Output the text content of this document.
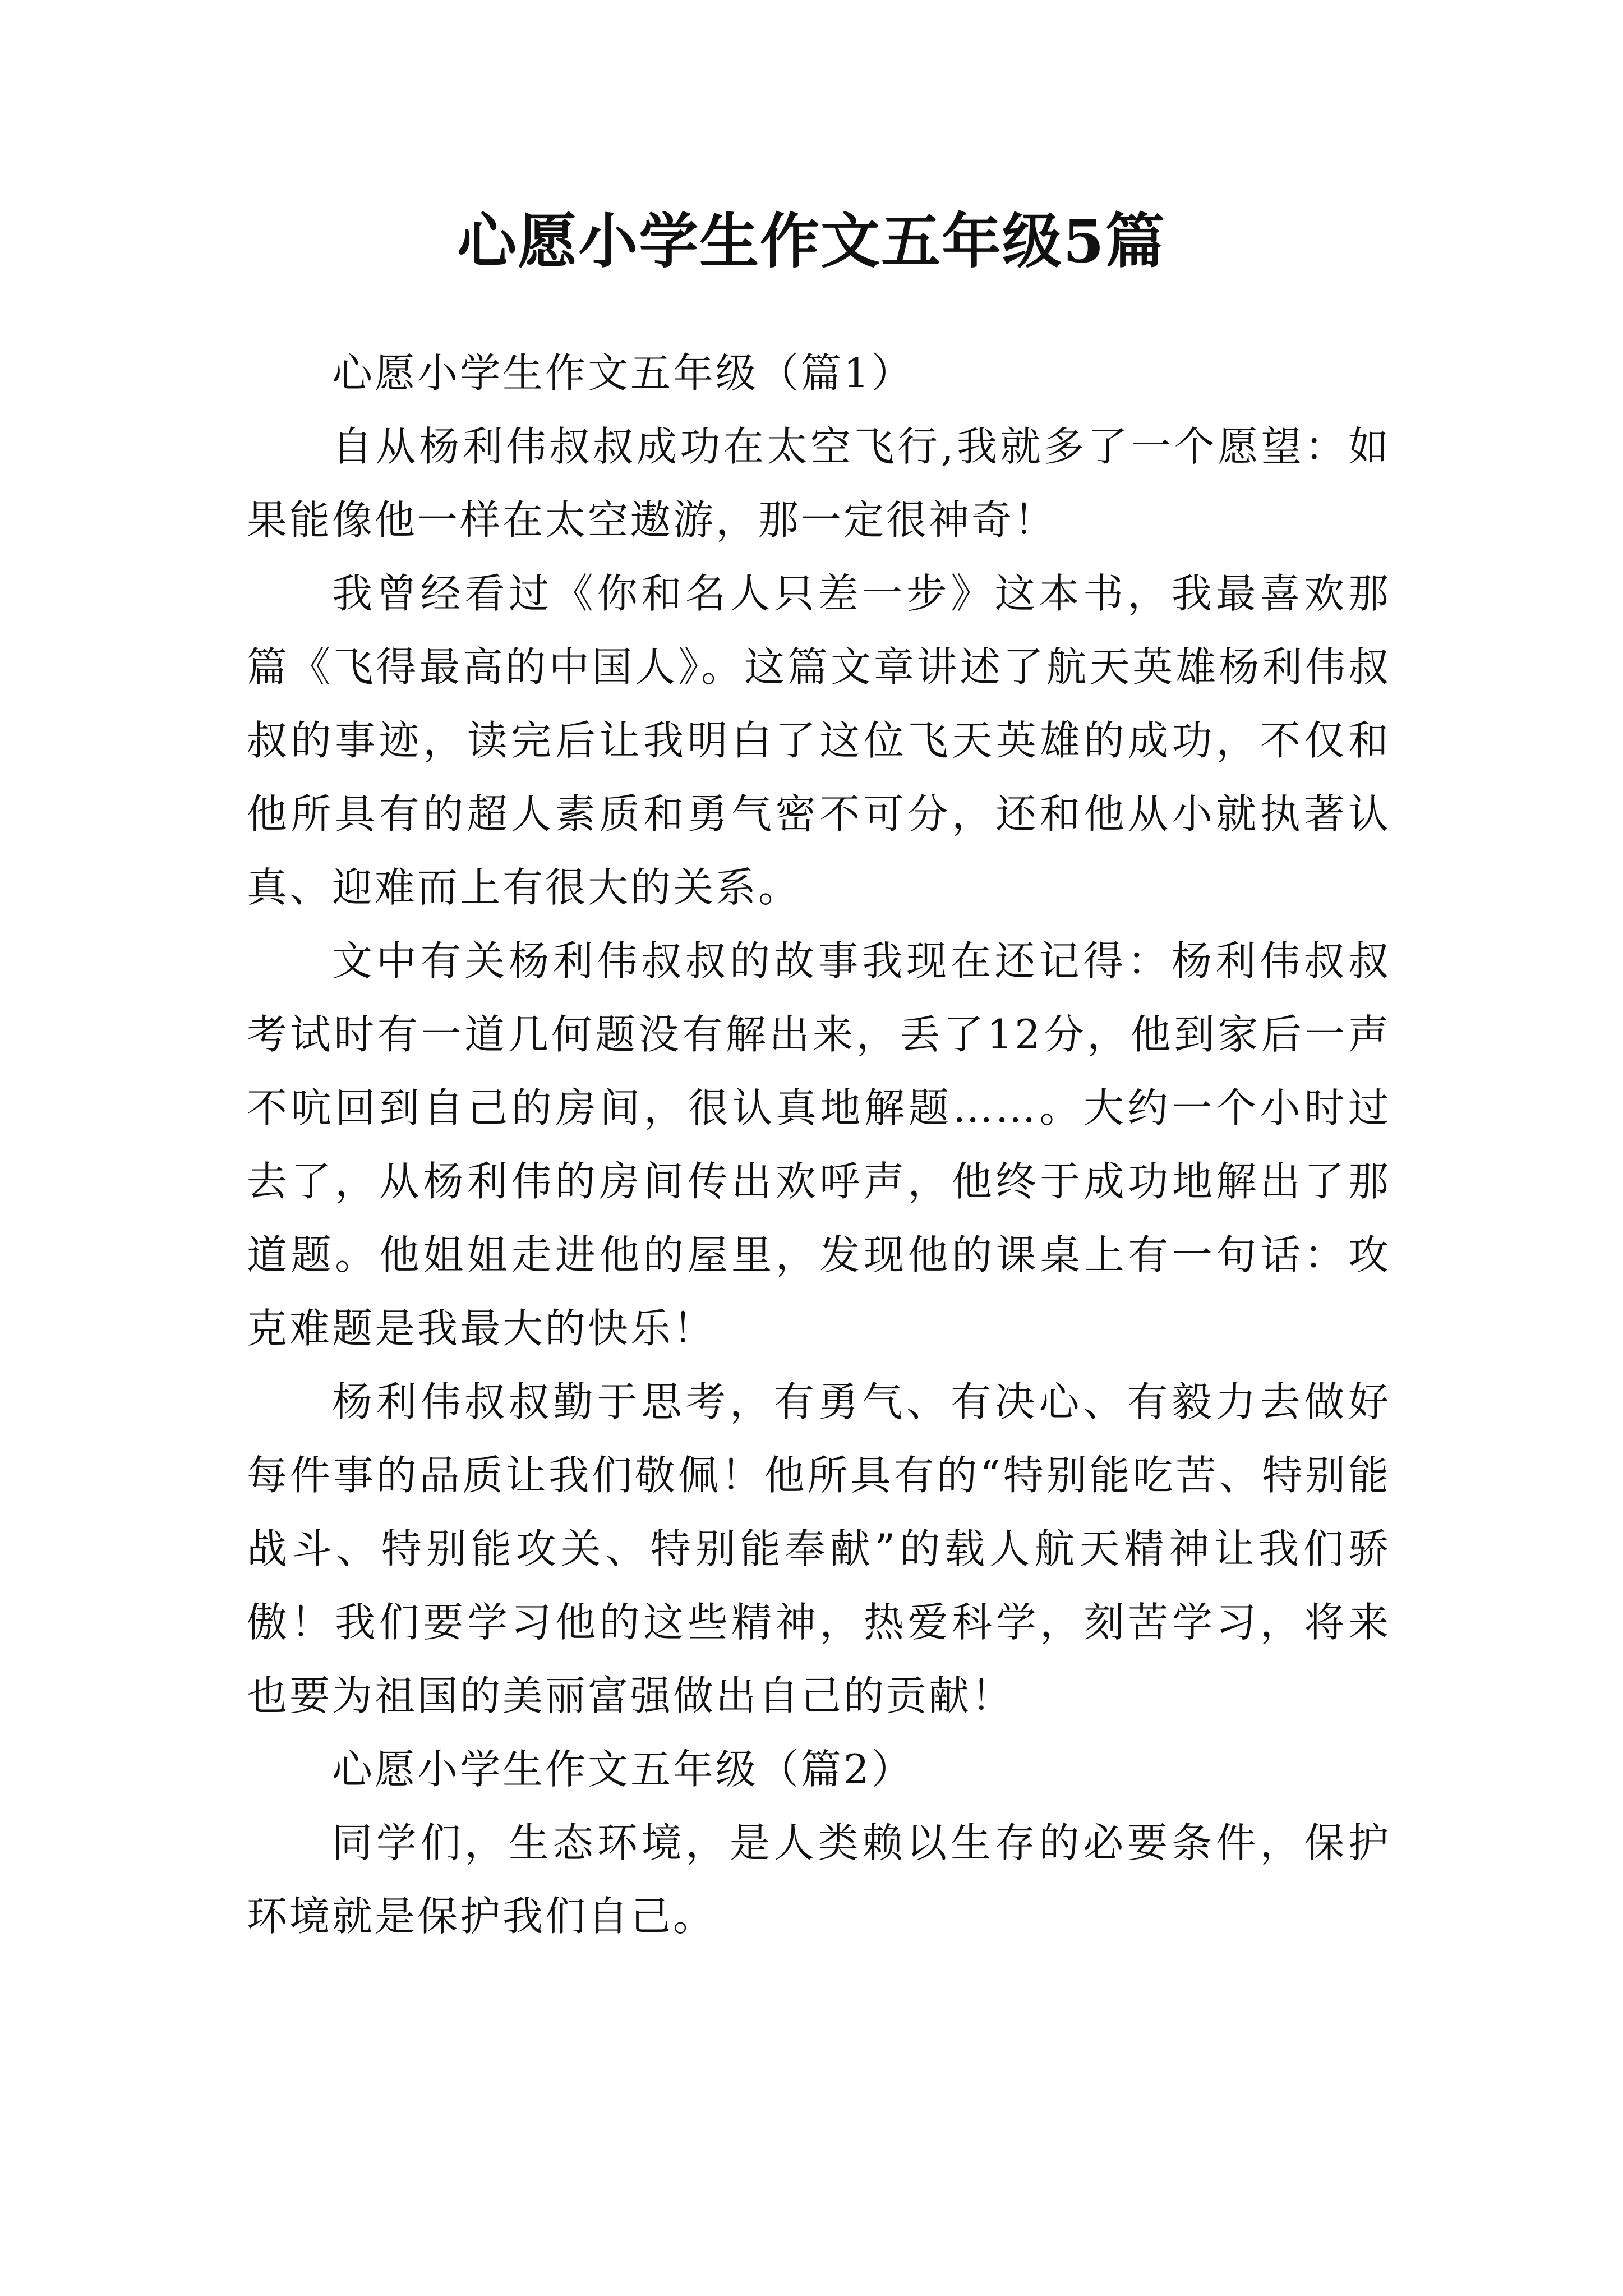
心愿小学生作文五年级5篇

心愿小学生作文五年级（篇1）

自从杨利伟叔叔成功在太空飞行,我就多了一个愿望：如果能像他一样在太空遨游，那一定很神奇！

我曾经看过《你和名人只差一步》这本书，我最喜欢那篇《飞得最高的中国人》。这篇文章讲述了航天英雄杨利伟叔叔的事迹，读完后让我明白了这位飞天英雄的成功，不仅和他所具有的超人素质和勇气密不可分，还和他从小就执著认真、迎难而上有很大的关系。

文中有关杨利伟叔叔的故事我现在还记得：杨利伟叔叔考试时有一道几何题没有解出来，丢了12分，他到家后一声不吭回到自己的房间，很认真地解题……。大约一个小时过去了，从杨利伟的房间传出欢呼声，他终于成功地解出了那道题。他姐姐走进他的屋里，发现他的课桌上有一句话：攻克难题是我最大的快乐！

杨利伟叔叔勤于思考，有勇气、有决心、有毅力去做好每件事的品质让我们敬佩！他所具有的“特别能吃苦、特别能战斗、特别能攻关、特别能奉献”的载人航天精神让我们骄傲！我们要学习他的这些精神，热爱科学，刻苦学习，将来也要为祖国的美丽富强做出自己的贡献！

心愿小学生作文五年级（篇2）

同学们，生态环境，是人类赖以生存的必要条件，保护环境就是保护我们自己。
